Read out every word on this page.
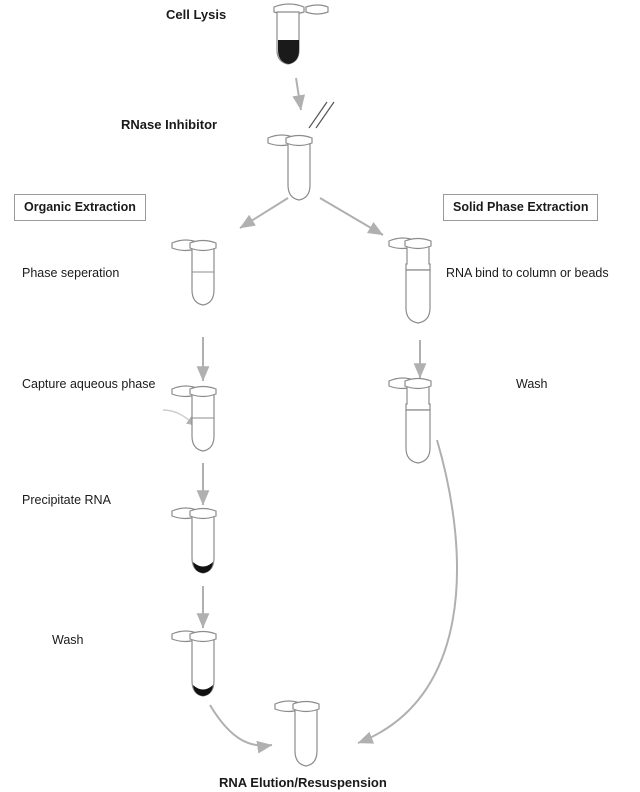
Cell Lysis
RNase Inhibitor
Organic Extraction	Solid Phase Extraction
Phase seperation	RNA bind to column or beads
Capture aqueous phase	Wash
Precipitate RNA
Wash
RNA Elution/Resuspension
